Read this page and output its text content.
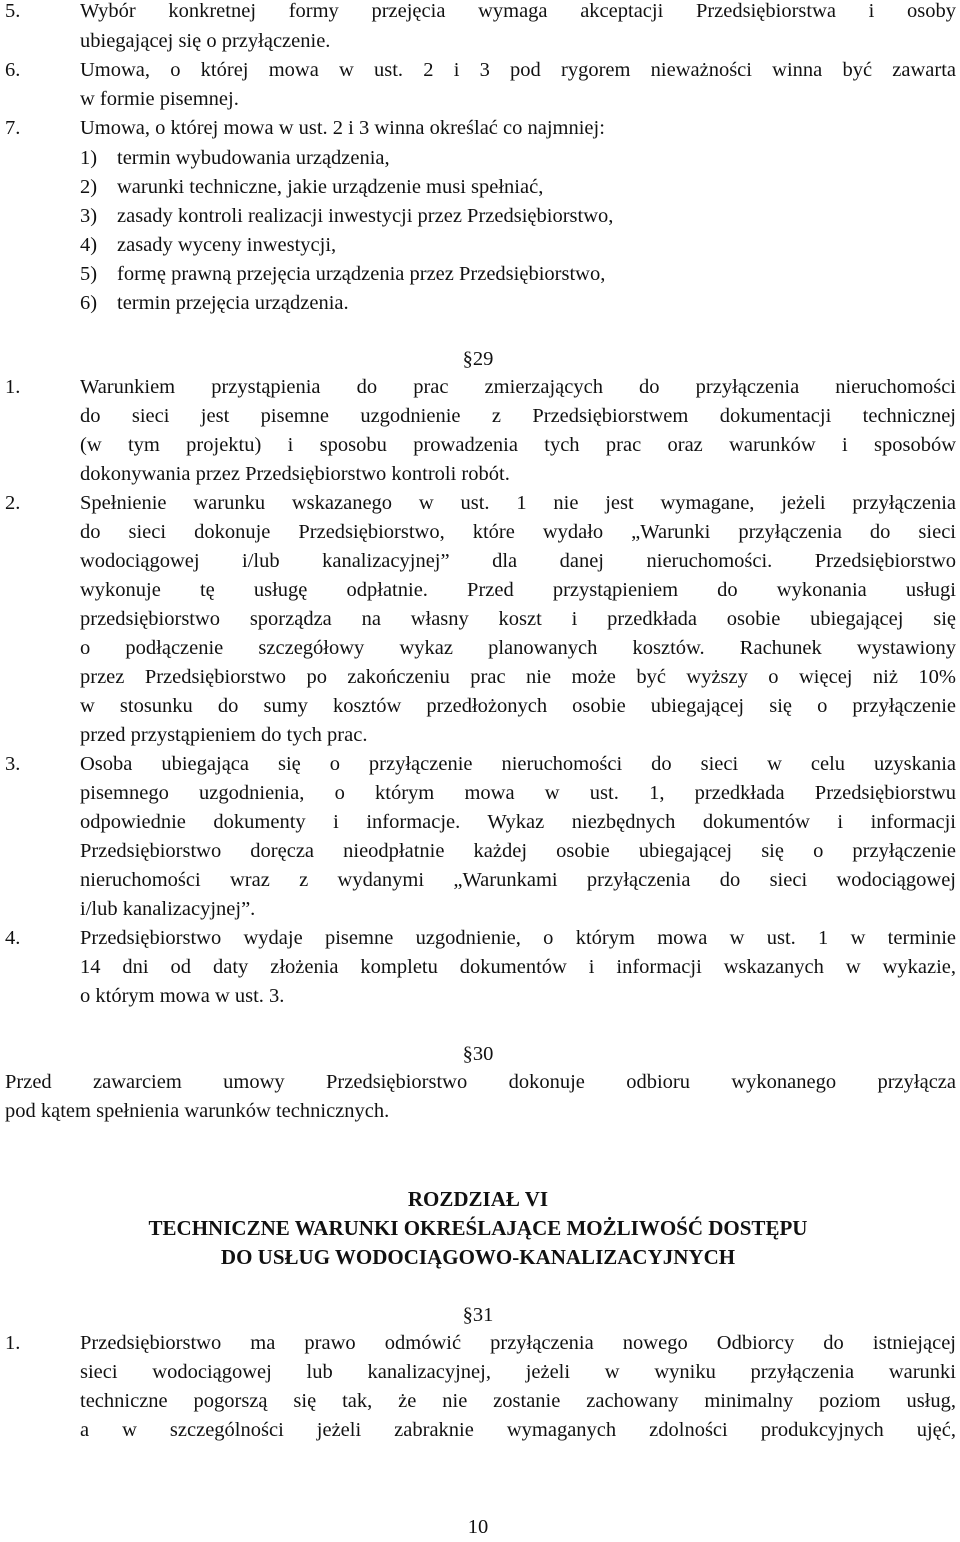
5.	Wybór konkretnej formy przejęcia wymaga akceptacji Przedsiębiorstwa i osoby
ubiegającej się o przyłączenie.
6.	Umowa, o której mowa w ust. 2 i 3 pod rygorem nieważności winna być zawarta
w formie pisemnej.
7.	Umowa, o której mowa w ust. 2 i 3 winna określać co najmniej:
1) termin wybudowania urządzenia,
2) warunki techniczne, jakie urządzenie musi spełniać,
3) zasady kontroli realizacji inwestycji przez Przedsiębiorstwo,
4) zasady wyceny inwestycji,
5) formę prawną przejęcia urządzenia przez Przedsiębiorstwo,
6) termin przejęcia urządzenia.
§29
1.	Warunkiem przystąpienia do prac zmierzających do przyłączenia nieruchomości
do sieci jest pisemne uzgodnienie z Przedsiębiorstwem dokumentacji technicznej
(w tym projektu) i sposobu prowadzenia tych prac oraz warunków i sposobów
dokonywania przez Przedsiębiorstwo kontroli robót.
2.	Spełnienie warunku wskazanego w ust. 1 nie jest wymagane, jeżeli przyłączenia
do sieci dokonuje Przedsiębiorstwo, które wydało „Warunki przyłączenia do sieci
wodociągowej i/lub kanalizacyjnej” dla danej nieruchomości. Przedsiębiorstwo
wykonuje tę usługę odpłatnie. Przed przystąpieniem do wykonania usługi
przedsiębiorstwo sporządza na własny koszt i przedkłada osobie ubiegającej się
o podłączenie szczegółowy wykaz planowanych kosztów. Rachunek wystawiony
przez Przedsiębiorstwo po zakończeniu prac nie może być wyższy o więcej niż 10%
w stosunku do sumy kosztów przedłożonych osobie ubiegającej się o przyłączenie
przed przystąpieniem do tych prac.
3.	Osoba ubiegająca się o przyłączenie nieruchomości do sieci w celu uzyskania
pisemnego uzgodnienia, o którym mowa w ust. 1, przedkłada Przedsiębiorstwu
odpowiednie dokumenty i informacje. Wykaz niezbędnych dokumentów i informacji
Przedsiębiorstwo doręcza nieodpłatnie każdej osobie ubiegającej się o przyłączenie
nieruchomości wraz z wydanymi „Warunkami przyłączenia do sieci wodociągowej
i/lub kanalizacyjnej”.
4.	Przedsiębiorstwo wydaje pisemne uzgodnienie, o którym mowa w ust. 1 w terminie
14 dni od daty złożenia kompletu dokumentów i informacji wskazanych w wykazie,
o którym mowa w ust. 3.
§30
Przed zawarciem umowy Przedsiębiorstwo dokonuje odbioru wykonanego przyłącza
pod kątem spełnienia warunków technicznych.
ROZDZIAŁ VI
TECHNICZNE WARUNKI OKREŚLAJĄCE MOŻLIWOŚĆ DOSTĘPU
DO USŁUG WODOCIĄGOWO-KANALIZACYJNYCH
§31
1.	Przedsiębiorstwo ma prawo odmówić przyłączenia nowego Odbiorcy do istniejącej
sieci wodociągowej lub kanalizacyjnej, jeżeli w wyniku przyłączenia warunki
techniczne pogorszą się tak, że nie zostanie zachowany minimalny poziom usług,
a w szczególności jeżeli zabraknie wymaganych zdolności produkcyjnych ujęć,
10
